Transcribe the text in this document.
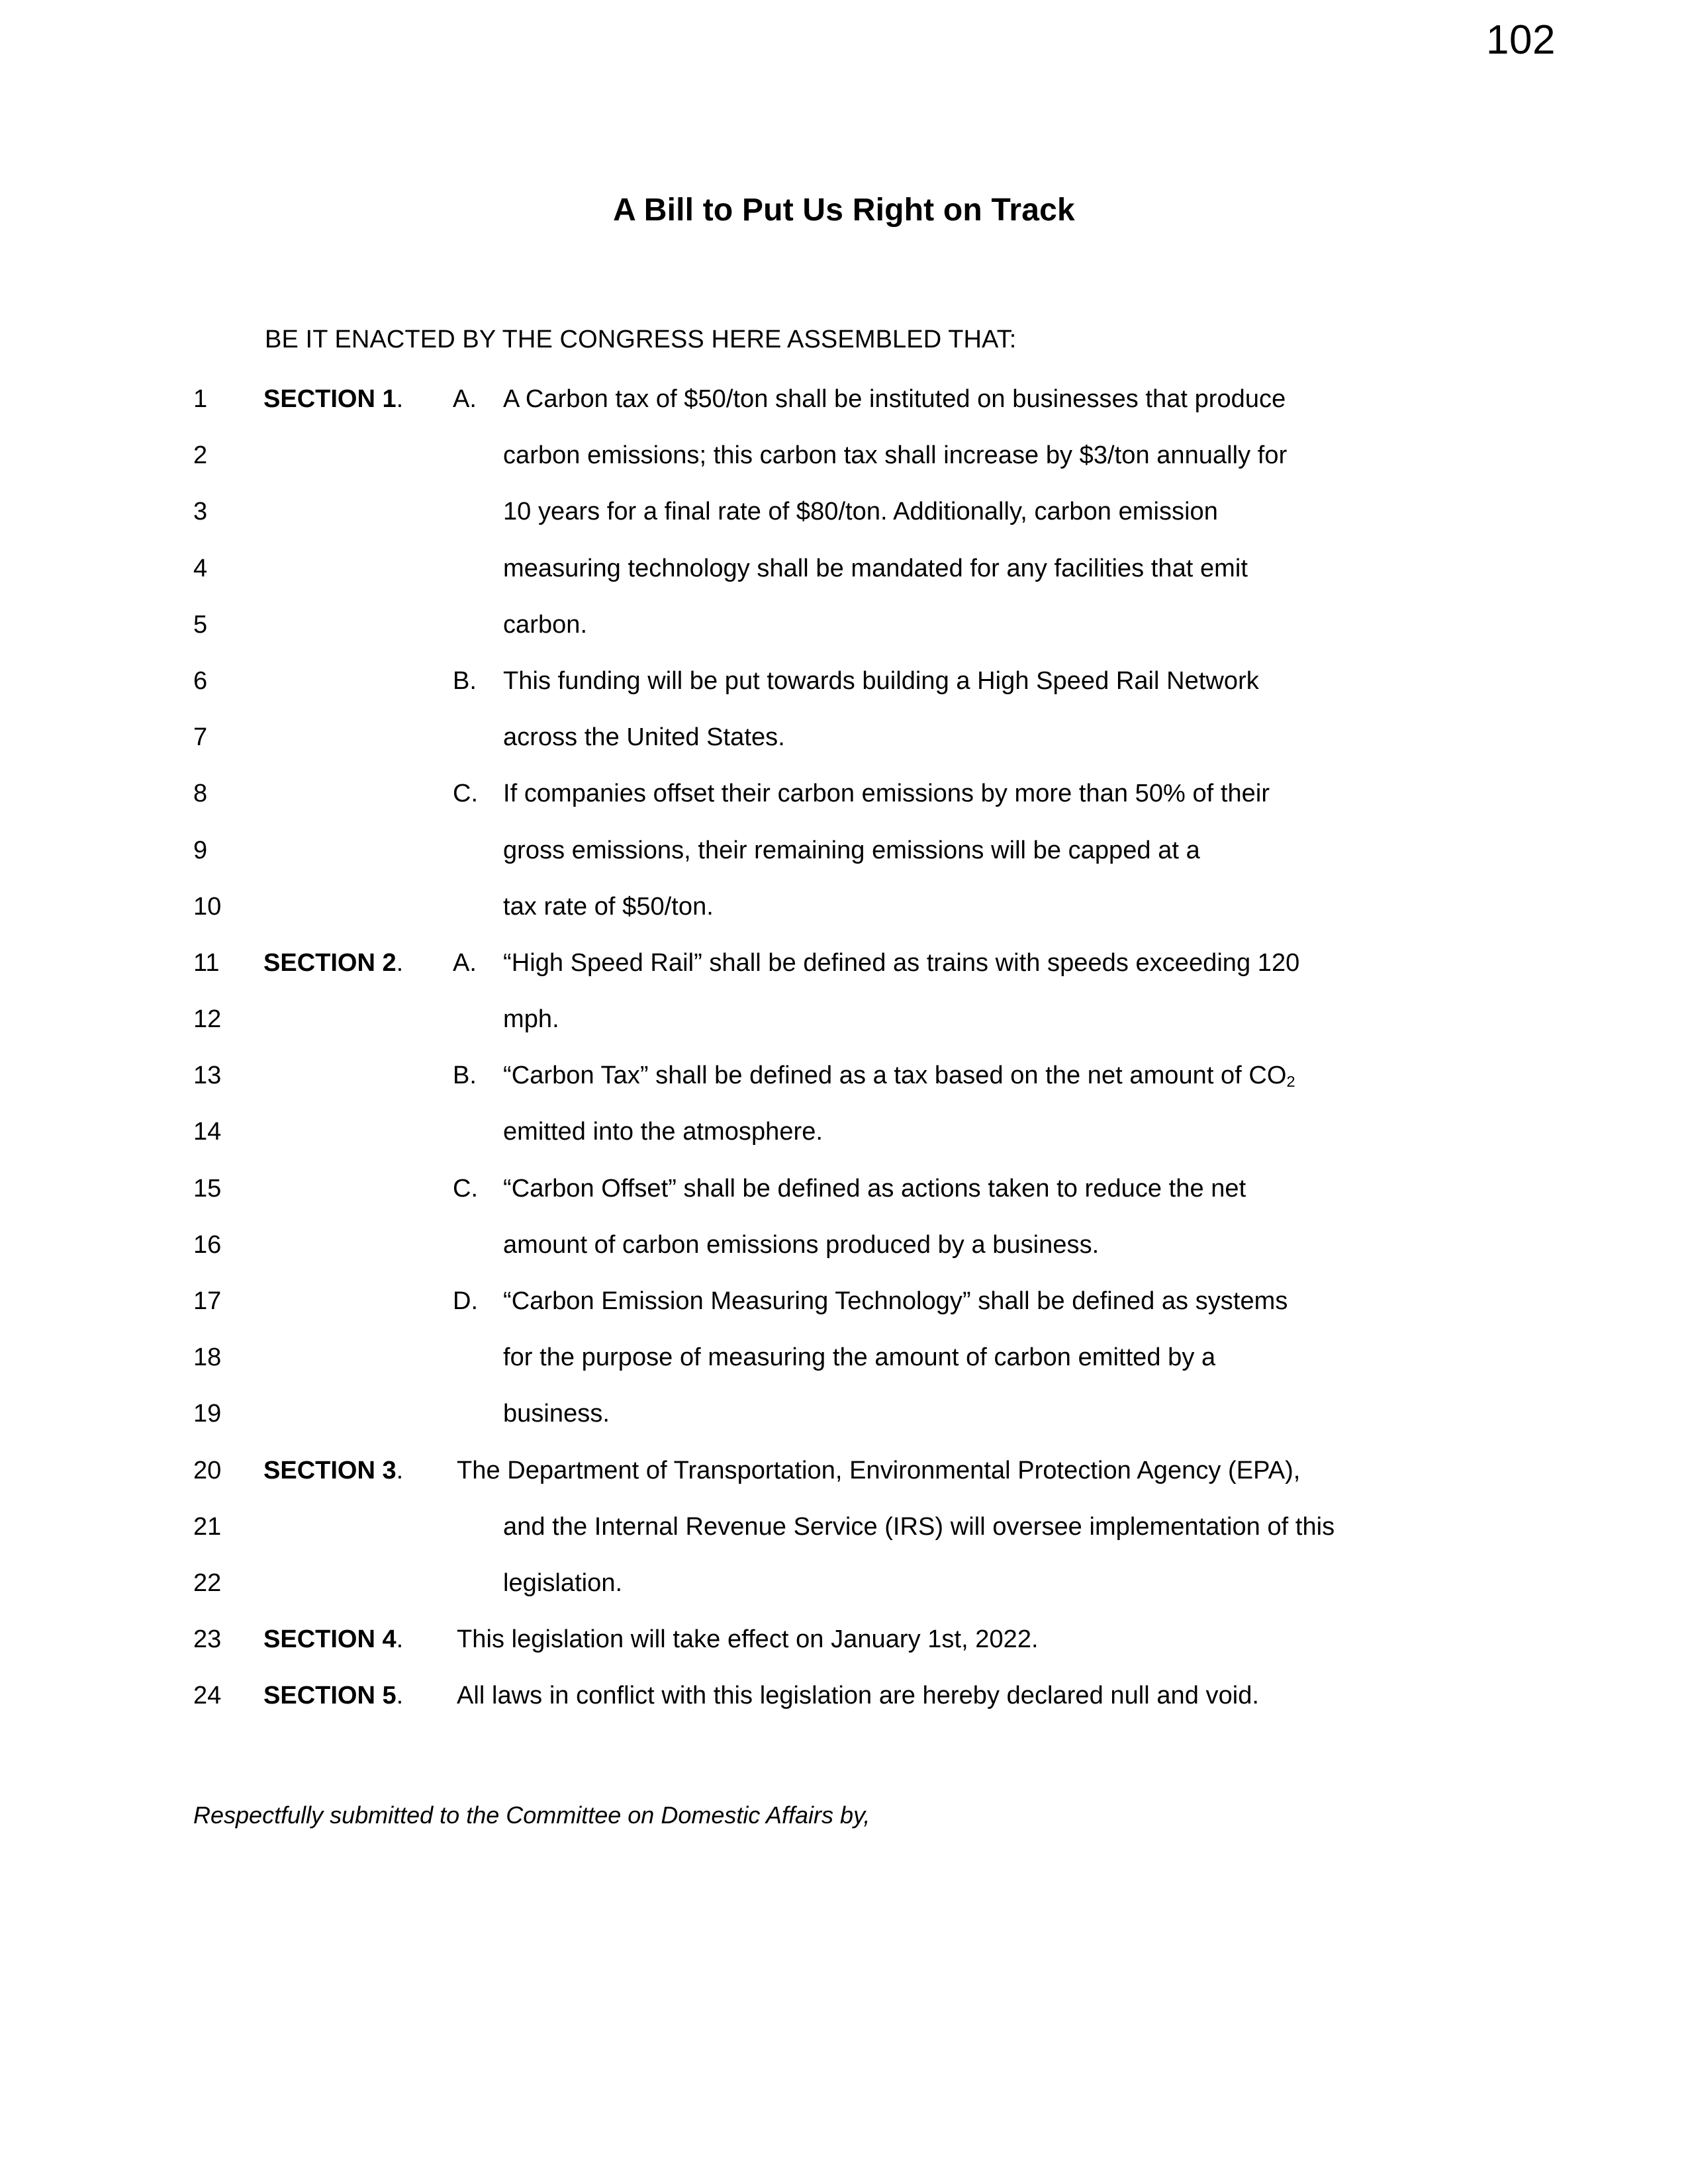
102
A Bill to Put Us Right on Track
BE IT ENACTED BY THE CONGRESS HERE ASSEMBLED THAT:
1	SECTION 1. A.	A Carbon tax of $50/ton shall be instituted on businesses that produce
2	carbon emissions; this carbon tax shall increase by $3/ton annually for
3	10 years for a final rate of $80/ton. Additionally, carbon emission
4	measuring technology shall be mandated for any facilities that emit
5	carbon.
6	B.	This funding will be put towards building a High Speed Rail Network
7	across the United States.
8	C.	If companies offset their carbon emissions by more than 50% of their
9	gross emissions, their remaining emissions will be capped at a
10	tax rate of $50/ton.
11	SECTION 2. A.	“High Speed Rail” shall be defined as trains with speeds exceeding 120
12	mph.
13	B.	“Carbon Tax” shall be defined as a tax based on the net amount of $CO_2$
14	emitted into the atmosphere.
15	C.	“Carbon Offset” shall be defined as actions taken to reduce the net
16	amount of carbon emissions produced by a business.
17	D.	“Carbon Emission Measuring Technology” shall be defined as systems
18	for the purpose of measuring the amount of carbon emitted by a
19	business.
20	SECTION 3. The Department of Transportation, Environmental Protection Agency (EPA),
21	and the Internal Revenue Service (IRS) will oversee implementation of this
22	legislation.
23	SECTION 4. This legislation will take effect on January 1st, 2022.
24	SECTION 5. All laws in conflict with this legislation are hereby declared null and void.
Respectfully submitted to the Committee on Domestic Affairs by,
